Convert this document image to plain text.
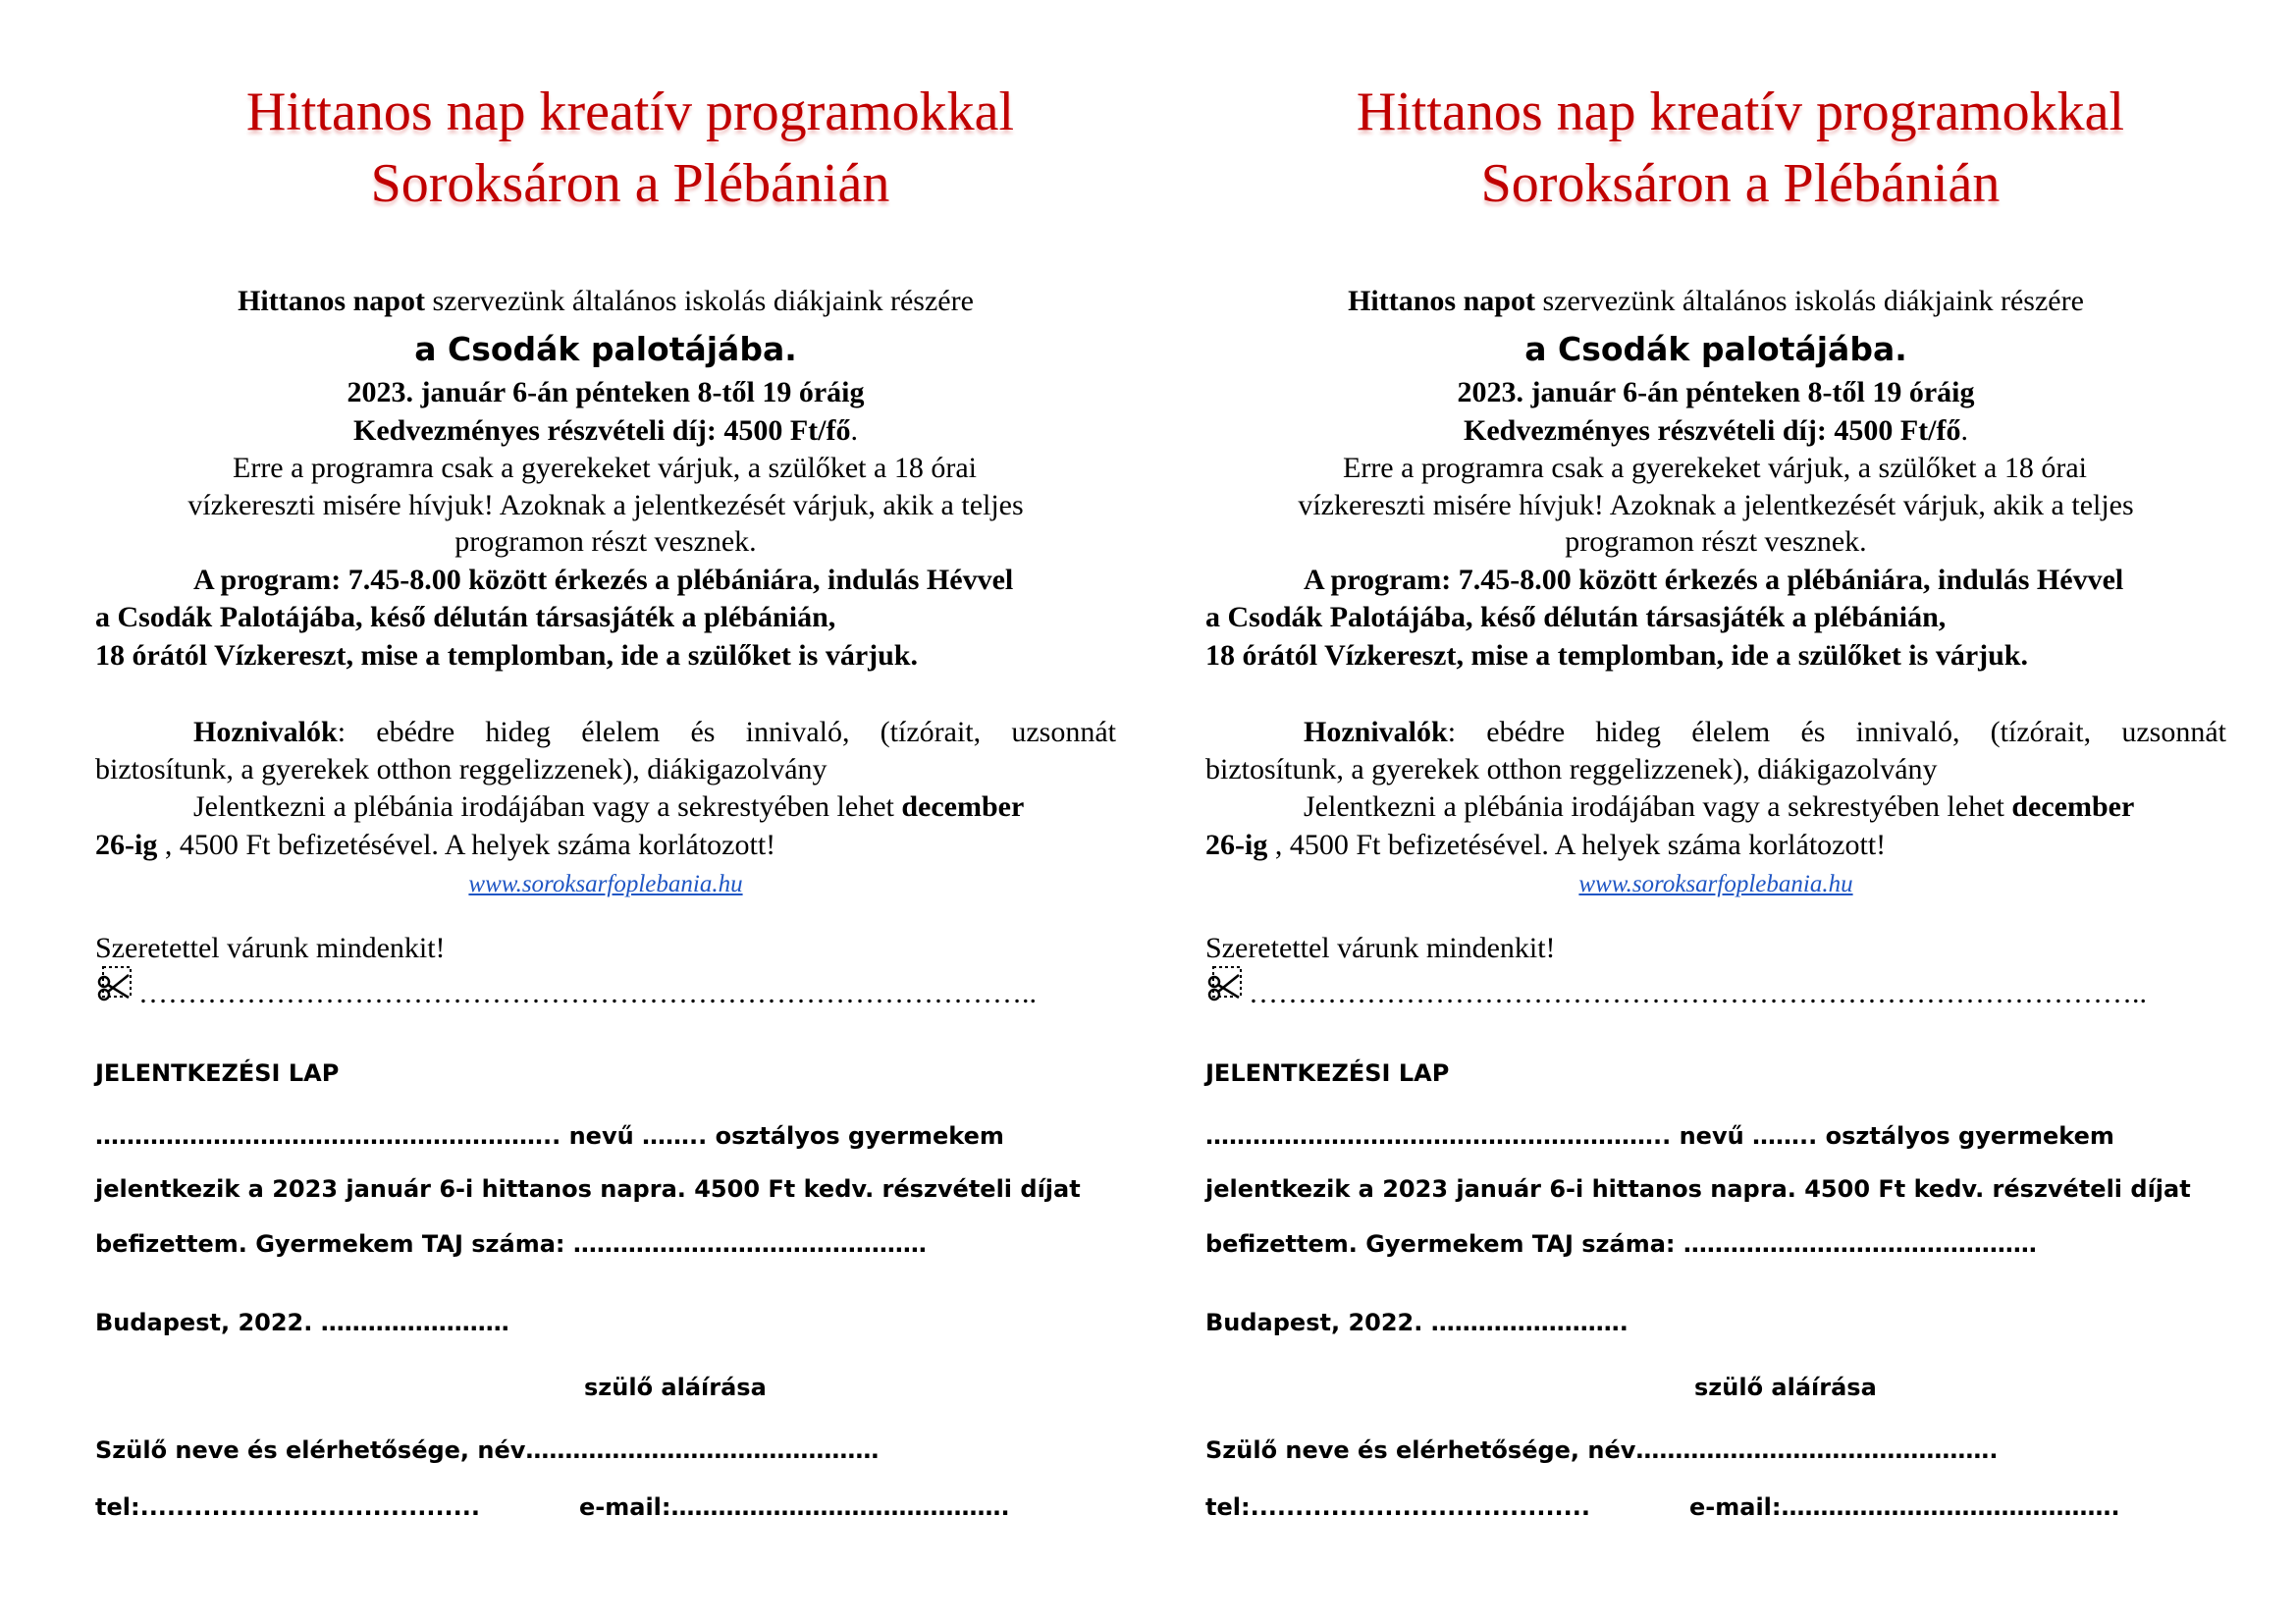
Hittanos nap kreatív programokkal
Soroksáron a Plébánián
Hittanos napot szervezünk általános iskolás diákjaink részére
a Csodák palotájába.
2023. január 6-án pénteken 8-től 19 óráig
Kedvezményes részvételi díj: 4500 Ft/fő.
Erre a programra csak a gyerekeket várjuk, a szülőket a 18 órai
vízkereszti misére hívjuk! Azoknak a jelentkezését várjuk, akik a teljes
programon részt vesznek.
A program: 7.45-8.00 között érkezés a plébániára, indulás Hévvel
a Csodák Palotájába, késő délután társasjáték a plébánián,
18 órától Vízkereszt, mise a templomban, ide a szülőket is várjuk.
Hoznivalók: ebédre hideg élelem és innivaló, (tízórait, uzsonnát
biztosítunk, a gyerekek otthon reggelizzenek), diákigazolvány
Jelentkezni a plébánia irodájában vagy a sekrestyében lehet december
26-ig , 4500 Ft befizetésével. A helyek száma korlátozott!
www.soroksarfoplebania.hu
Szeretettel várunk mindenkit!
………………………………………………………………………………..
JELENTKEZÉSI LAP
………………………………………………….. nevű …….. osztályos gyermekem
jelentkezik a 2023 január 6-i hittanos napra. 4500 Ft kedv. részvételi díjat
befizettem. Gyermekem TAJ száma: ………………………………………
Budapest, 2022. ……………………
szülő aláírása
Szülő neve és elérhetősége, név………………………………………
tel:......................................	e-mail:…………………………………….
Hittanos nap kreatív programokkal
Soroksáron a Plébánián
Hittanos napot szervezünk általános iskolás diákjaink részére
a Csodák palotájába.
2023. január 6-án pénteken 8-től 19 óráig
Kedvezményes részvételi díj: 4500 Ft/fő.
Erre a programra csak a gyerekeket várjuk, a szülőket a 18 órai
vízkereszti misére hívjuk! Azoknak a jelentkezését várjuk, akik a teljes
programon részt vesznek.
A program: 7.45-8.00 között érkezés a plébániára, indulás Hévvel
a Csodák Palotájába, késő délután társasjáték a plébánián,
18 órától Vízkereszt, mise a templomban, ide a szülőket is várjuk.
Hoznivalók: ebédre hideg élelem és innivaló, (tízórait, uzsonnát
biztosítunk, a gyerekek otthon reggelizzenek), diákigazolvány
Jelentkezni a plébánia irodájában vagy a sekrestyében lehet december
26-ig , 4500 Ft befizetésével. A helyek száma korlátozott!
www.soroksarfoplebania.hu
Szeretettel várunk mindenkit!
………………………………………………………………………………..
JELENTKEZÉSI LAP
………………………………………………….. nevű …….. osztályos gyermekem
jelentkezik a 2023 január 6-i hittanos napra. 4500 Ft kedv. részvételi díjat
befizettem. Gyermekem TAJ száma: ………………………………………
Budapest, 2022. …………………….
szülő aláírása
Szülő neve és elérhetősége, név……………………………………….
tel:......................................	e-mail:…………………………………….
